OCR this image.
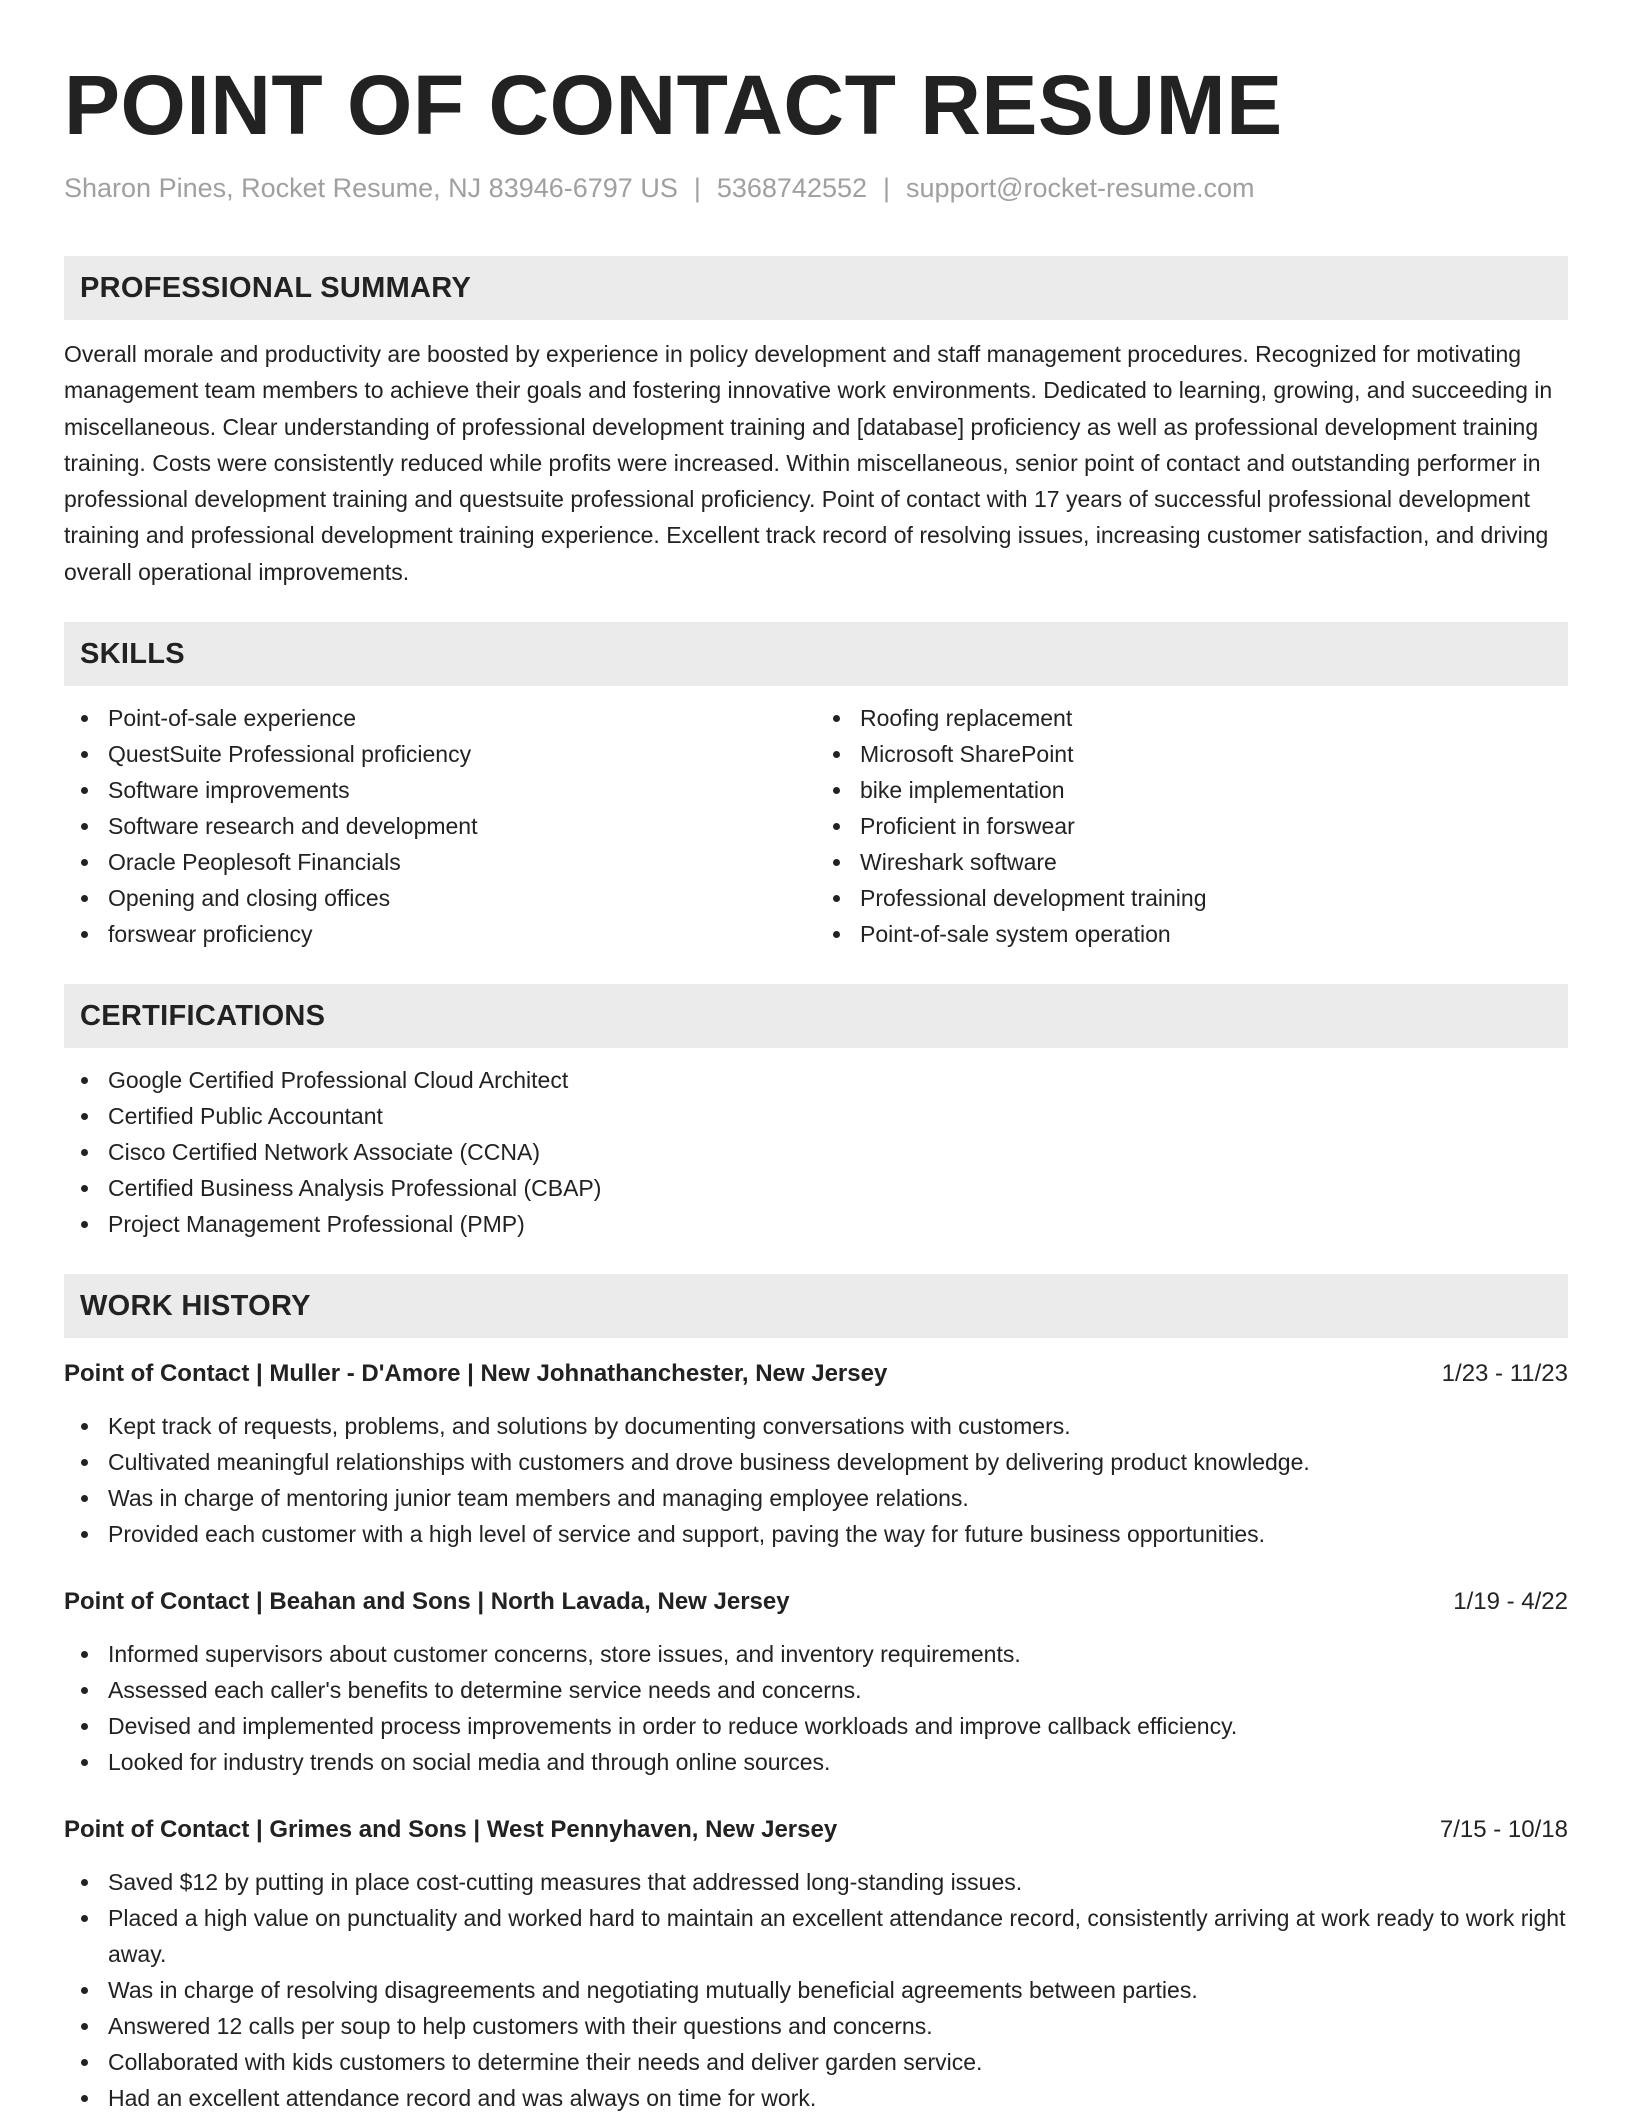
POINT OF CONTACT RESUME
Sharon Pines, Rocket Resume, NJ 83946-6797 US | 5368742552 | support@rocket-resume.com
PROFESSIONAL SUMMARY

Overall morale and productivity are boosted by experience in policy development and staff management procedures. Recognized for motivating management team members to achieve their goals and fostering innovative work environments. Dedicated to learning, growing, and succeeding in miscellaneous. Clear understanding of professional development training and [database] proficiency as well as professional development training training. Costs were consistently reduced while profits were increased. Within miscellaneous, senior point of contact and outstanding performer in professional development training and questsuite professional proficiency. Point of contact with 17 years of successful professional development training and professional development training experience. Excellent track record of resolving issues, increasing customer satisfaction, and driving overall operational improvements.

SKILLS
Point-of-sale experience
QuestSuite Professional proficiency
Software improvements
Software research and development
Oracle Peoplesoft Financials
Opening and closing offices
forswear proficiency
Roofing replacement
Microsoft SharePoint
bike implementation
Proficient in forswear
Wireshark software
Professional development training
Point-of-sale system operation
CERTIFICATIONS
Google Certified Professional Cloud Architect
Certified Public Accountant
Cisco Certified Network Associate (CCNA)
Certified Business Analysis Professional (CBAP)
Project Management Professional (PMP)
WORK HISTORY
Point of Contact | Muller - D'Amore | New Johnathanchester, New Jersey	1/23 - 11/23
Kept track of requests, problems, and solutions by documenting conversations with customers.
Cultivated meaningful relationships with customers and drove business development by delivering product knowledge.
Was in charge of mentoring junior team members and managing employee relations.
Provided each customer with a high level of service and support, paving the way for future business opportunities.
Point of Contact | Beahan and Sons | North Lavada, New Jersey	1/19 - 4/22
Informed supervisors about customer concerns, store issues, and inventory requirements.
Assessed each caller's benefits to determine service needs and concerns.
Devised and implemented process improvements in order to reduce workloads and improve callback efficiency.
Looked for industry trends on social media and through online sources.
Point of Contact | Grimes and Sons | West Pennyhaven, New Jersey	7/15 - 10/18
Saved $12 by putting in place cost-cutting measures that addressed long-standing issues.
Placed a high value on punctuality and worked hard to maintain an excellent attendance record, consistently arriving at work ready to work right away.
Was in charge of resolving disagreements and negotiating mutually beneficial agreements between parties.
Answered 12 calls per soup to help customers with their questions and concerns.
Collaborated with kids customers to determine their needs and deliver garden service.
Had an excellent attendance record and was always on time for work.
